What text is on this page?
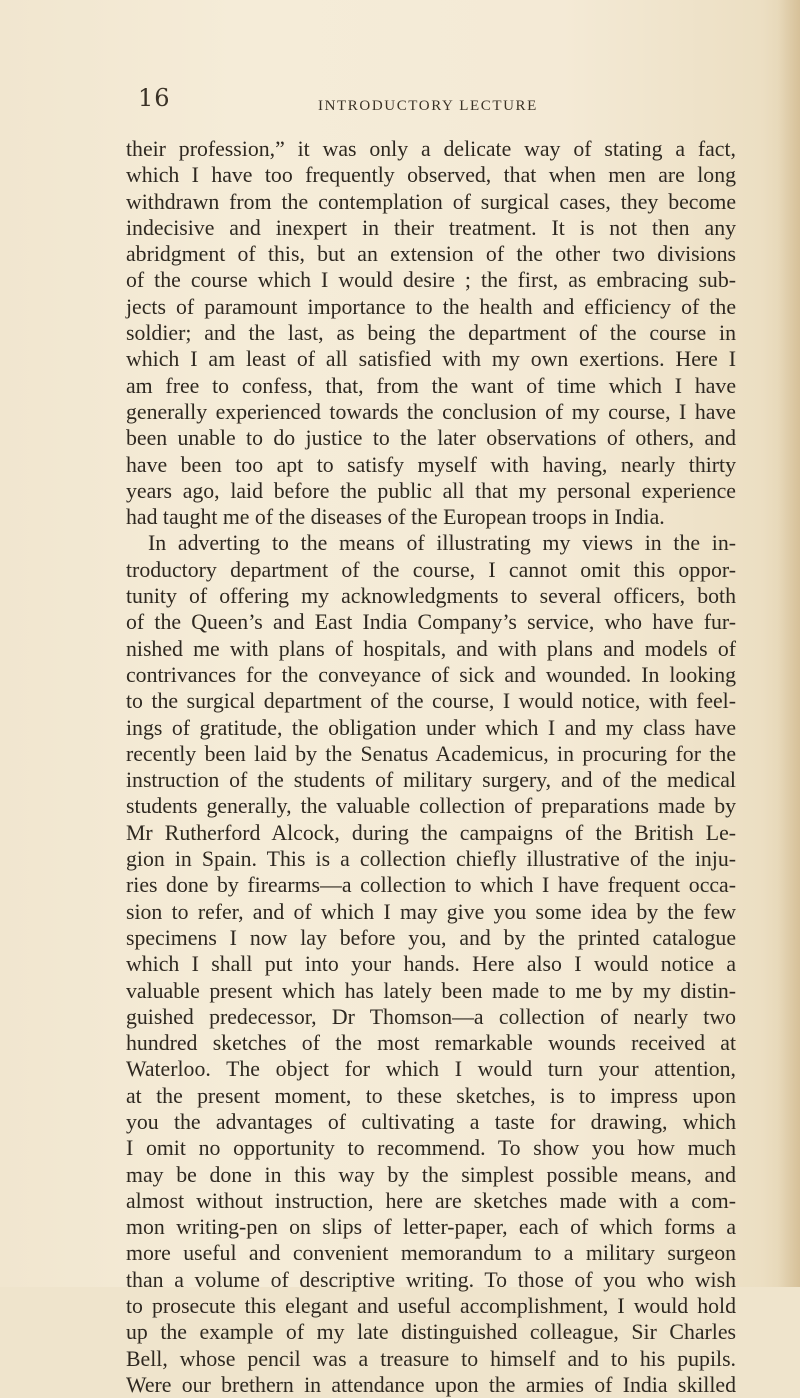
16	INTRODUCTORY LECTURE
their profession,” it was only a delicate way of stating a fact,
which I have too frequently observed, that when men are long
withdrawn from the contemplation of surgical cases, they become
indecisive and inexpert in their treatment. It is not then any
abridgment of this, but an extension of the other two divisions
of the course which I would desire ; the first, as embracing sub-
jects of paramount importance to the health and efficiency of the
soldier; and the last, as being the department of the course in
which I am least of all satisfied with my own exertions. Here I
am free to confess, that, from the want of time which I have
generally experienced towards the conclusion of my course, I have
been unable to do justice to the later observations of others, and
have been too apt to satisfy myself with having, nearly thirty
years ago, laid before the public all that my personal experience
had taught me of the diseases of the European troops in India.
In adverting to the means of illustrating my views in the in-
troductory department of the course, I cannot omit this oppor-
tunity of offering my acknowledgments to several officers, both
of the Queen’s and East India Company’s service, who have fur-
nished me with plans of hospitals, and with plans and models of
contrivances for the conveyance of sick and wounded. In looking
to the surgical department of the course, I would notice, with feel-
ings of gratitude, the obligation under which I and my class have
recently been laid by the Senatus Academicus, in procuring for the
instruction of the students of military surgery, and of the medical
students generally, the valuable collection of preparations made by
Mr Rutherford Alcock, during the campaigns of the British Le-
gion in Spain. This is a collection chiefly illustrative of the inju-
ries done by firearms—a collection to which I have frequent occa-
sion to refer, and of which I may give you some idea by the few
specimens I now lay before you, and by the printed catalogue
which I shall put into your hands. Here also I would notice a
valuable present which has lately been made to me by my distin-
guished predecessor, Dr Thomson—a collection of nearly two
hundred sketches of the most remarkable wounds received at
Waterloo. The object for which I would turn your attention,
at the present moment, to these sketches, is to impress upon
you the advantages of cultivating a taste for drawing, which
I omit no opportunity to recommend. To show you how much
may be done in this way by the simplest possible means, and
almost without instruction, here are sketches made with a com-
mon writing-pen on slips of letter-paper, each of which forms a
more useful and convenient memorandum to a military surgeon
than a volume of descriptive writing. To those of you who wish
to prosecute this elegant and useful accomplishment, I would hold
up the example of my late distinguished colleague, Sir Charles
Bell, whose pencil was a treasure to himself and to his pupils.
Were our brethern in attendance upon the armies of India skilled
